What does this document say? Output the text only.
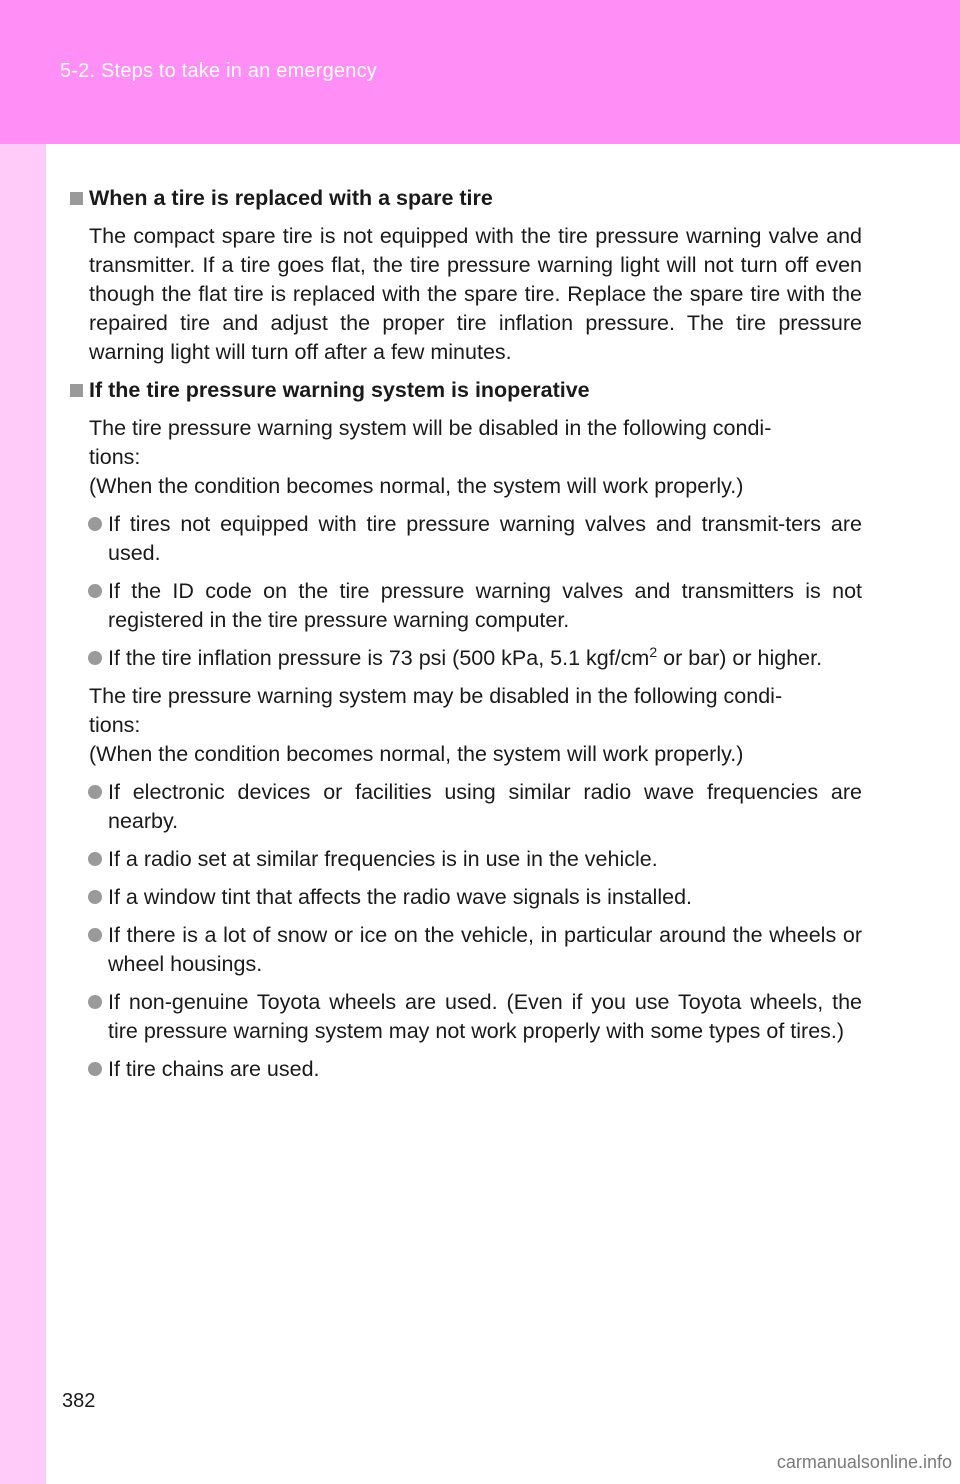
5-2. Steps to take in an emergency
When a tire is replaced with a spare tire
The compact spare tire is not equipped with the tire pressure warning valve and transmitter. If a tire goes flat, the tire pressure warning light will not turn off even though the flat tire is replaced with the spare tire. Replace the spare tire with the repaired tire and adjust the proper tire inflation pressure. The tire pressure warning light will turn off after a few minutes.
If the tire pressure warning system is inoperative
The tire pressure warning system will be disabled in the following condi-
tions:
(When the condition becomes normal, the system will work properly.)
If tires not equipped with tire pressure warning valves and transmit-ters are used.
If the ID code on the tire pressure warning valves and transmitters is not registered in the tire pressure warning computer.
If the tire inflation pressure is 73 psi (500 kPa, 5.1 kgf/$cm^2$ or bar) or higher.
The tire pressure warning system may be disabled in the following condi-
tions:
(When the condition becomes normal, the system will work properly.)
If electronic devices or facilities using similar radio wave frequencies are nearby.
If a radio set at similar frequencies is in use in the vehicle.
If a window tint that affects the radio wave signals is installed.
If there is a lot of snow or ice on the vehicle, in particular around the wheels or wheel housings.
If non-genuine Toyota wheels are used. (Even if you use Toyota wheels, the tire pressure warning system may not work properly with some types of tires.)
If tire chains are used.
382
carmanualsonline.info
